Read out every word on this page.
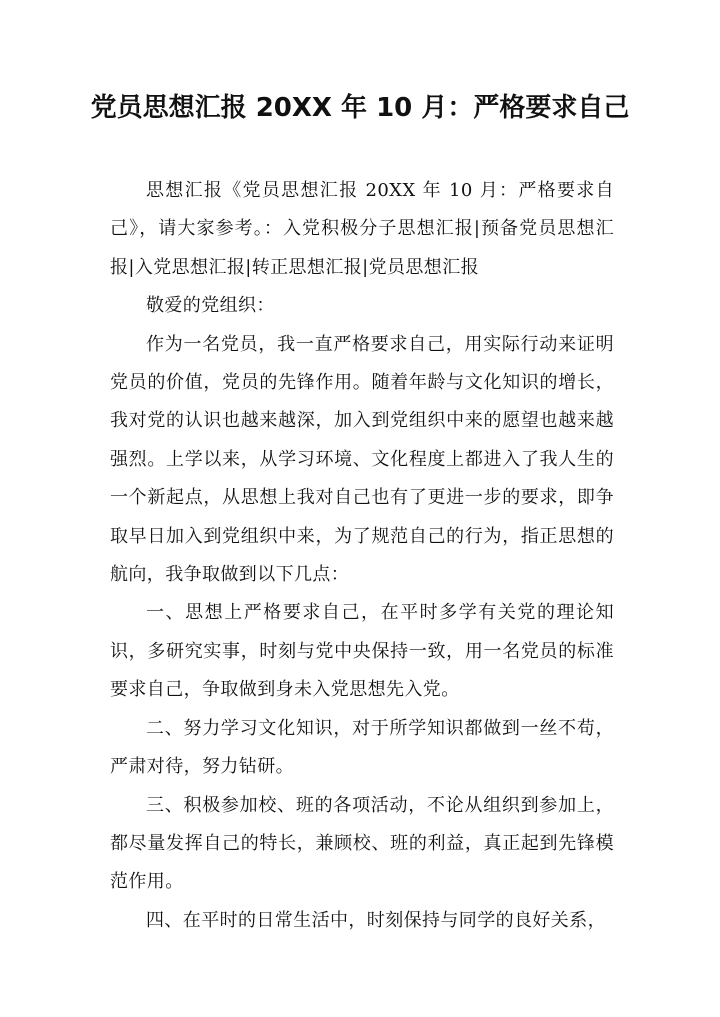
党员思想汇报 20XX 年 10 月：严格要求自己

思想汇报《党员思想汇报 20XX 年 10 月：严格要求自己》，请大家参考。：入党积极分子思想汇报|预备党员思想汇报|入党思想汇报|转正思想汇报|党员思想汇报

敬爱的党组织：

作为一名党员，我一直严格要求自己，用实际行动来证明党员的价值，党员的先锋作用。随着年龄与文化知识的增长，我对党的认识也越来越深，加入到党组织中来的愿望也越来越强烈。上学以来，从学习环境、文化程度上都进入了我人生的一个新起点，从思想上我对自己也有了更进一步的要求，即争取早日加入到党组织中来，为了规范自己的行为，指正思想的航向，我争取做到以下几点：

一、思想上严格要求自己，在平时多学有关党的理论知识，多研究实事，时刻与党中央保持一致，用一名党员的标准要求自己，争取做到身未入党思想先入党。

二、努力学习文化知识，对于所学知识都做到一丝不苟，严肃对待，努力钻研。

三、积极参加校、班的各项活动，不论从组织到参加上，都尽量发挥自己的特长，兼顾校、班的利益，真正起到先锋模范作用。

四、在平时的日常生活中，时刻保持与同学的良好关系，
